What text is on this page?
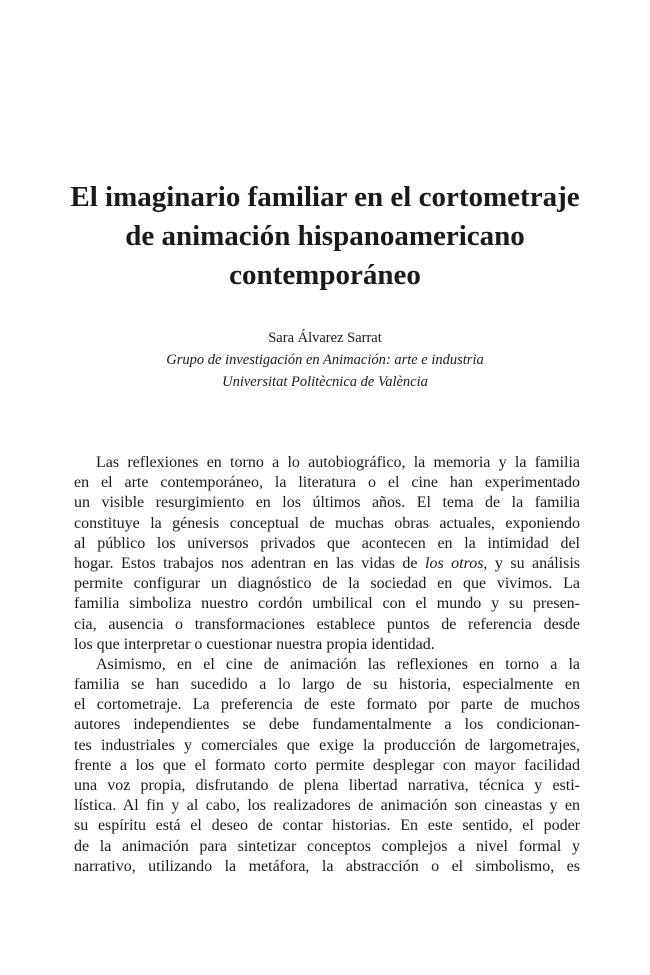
El imaginario familiar en el cortometraje
de animación hispanoamericano
contemporáneo
Sara Álvarez Sarrat
Grupo de investigación en Animación: arte e industria
Universitat Politècnica de València
Las reflexiones en torno a lo autobiográfico, la memoria y la familia
en el arte contemporáneo, la literatura o el cine han experimentado
un visible resurgimiento en los últimos años. El tema de la familia
constituye la génesis conceptual de muchas obras actuales, exponiendo
al público los universos privados que acontecen en la intimidad del
hogar. Estos trabajos nos adentran en las vidas de los otros, y su análisis
permite configurar un diagnóstico de la sociedad en que vivimos. La
familia simboliza nuestro cordón umbilical con el mundo y su presen-
cia, ausencia o transformaciones establece puntos de referencia desde
los que interpretar o cuestionar nuestra propia identidad.
Asimismo, en el cine de animación las reflexiones en torno a la
familia se han sucedido a lo largo de su historia, especialmente en
el cortometraje. La preferencia de este formato por parte de muchos
autores independientes se debe fundamentalmente a los condicionan-
tes industriales y comerciales que exige la producción de largometrajes,
frente a los que el formato corto permite desplegar con mayor facilidad
una voz propia, disfrutando de plena libertad narrativa, técnica y esti-
lística. Al fin y al cabo, los realizadores de animación son cineastas y en
su espíritu está el deseo de contar historias. En este sentido, el poder
de la animación para sintetizar conceptos complejos a nivel formal y
narrativo, utilizando la metáfora, la abstracción o el simbolismo, es
